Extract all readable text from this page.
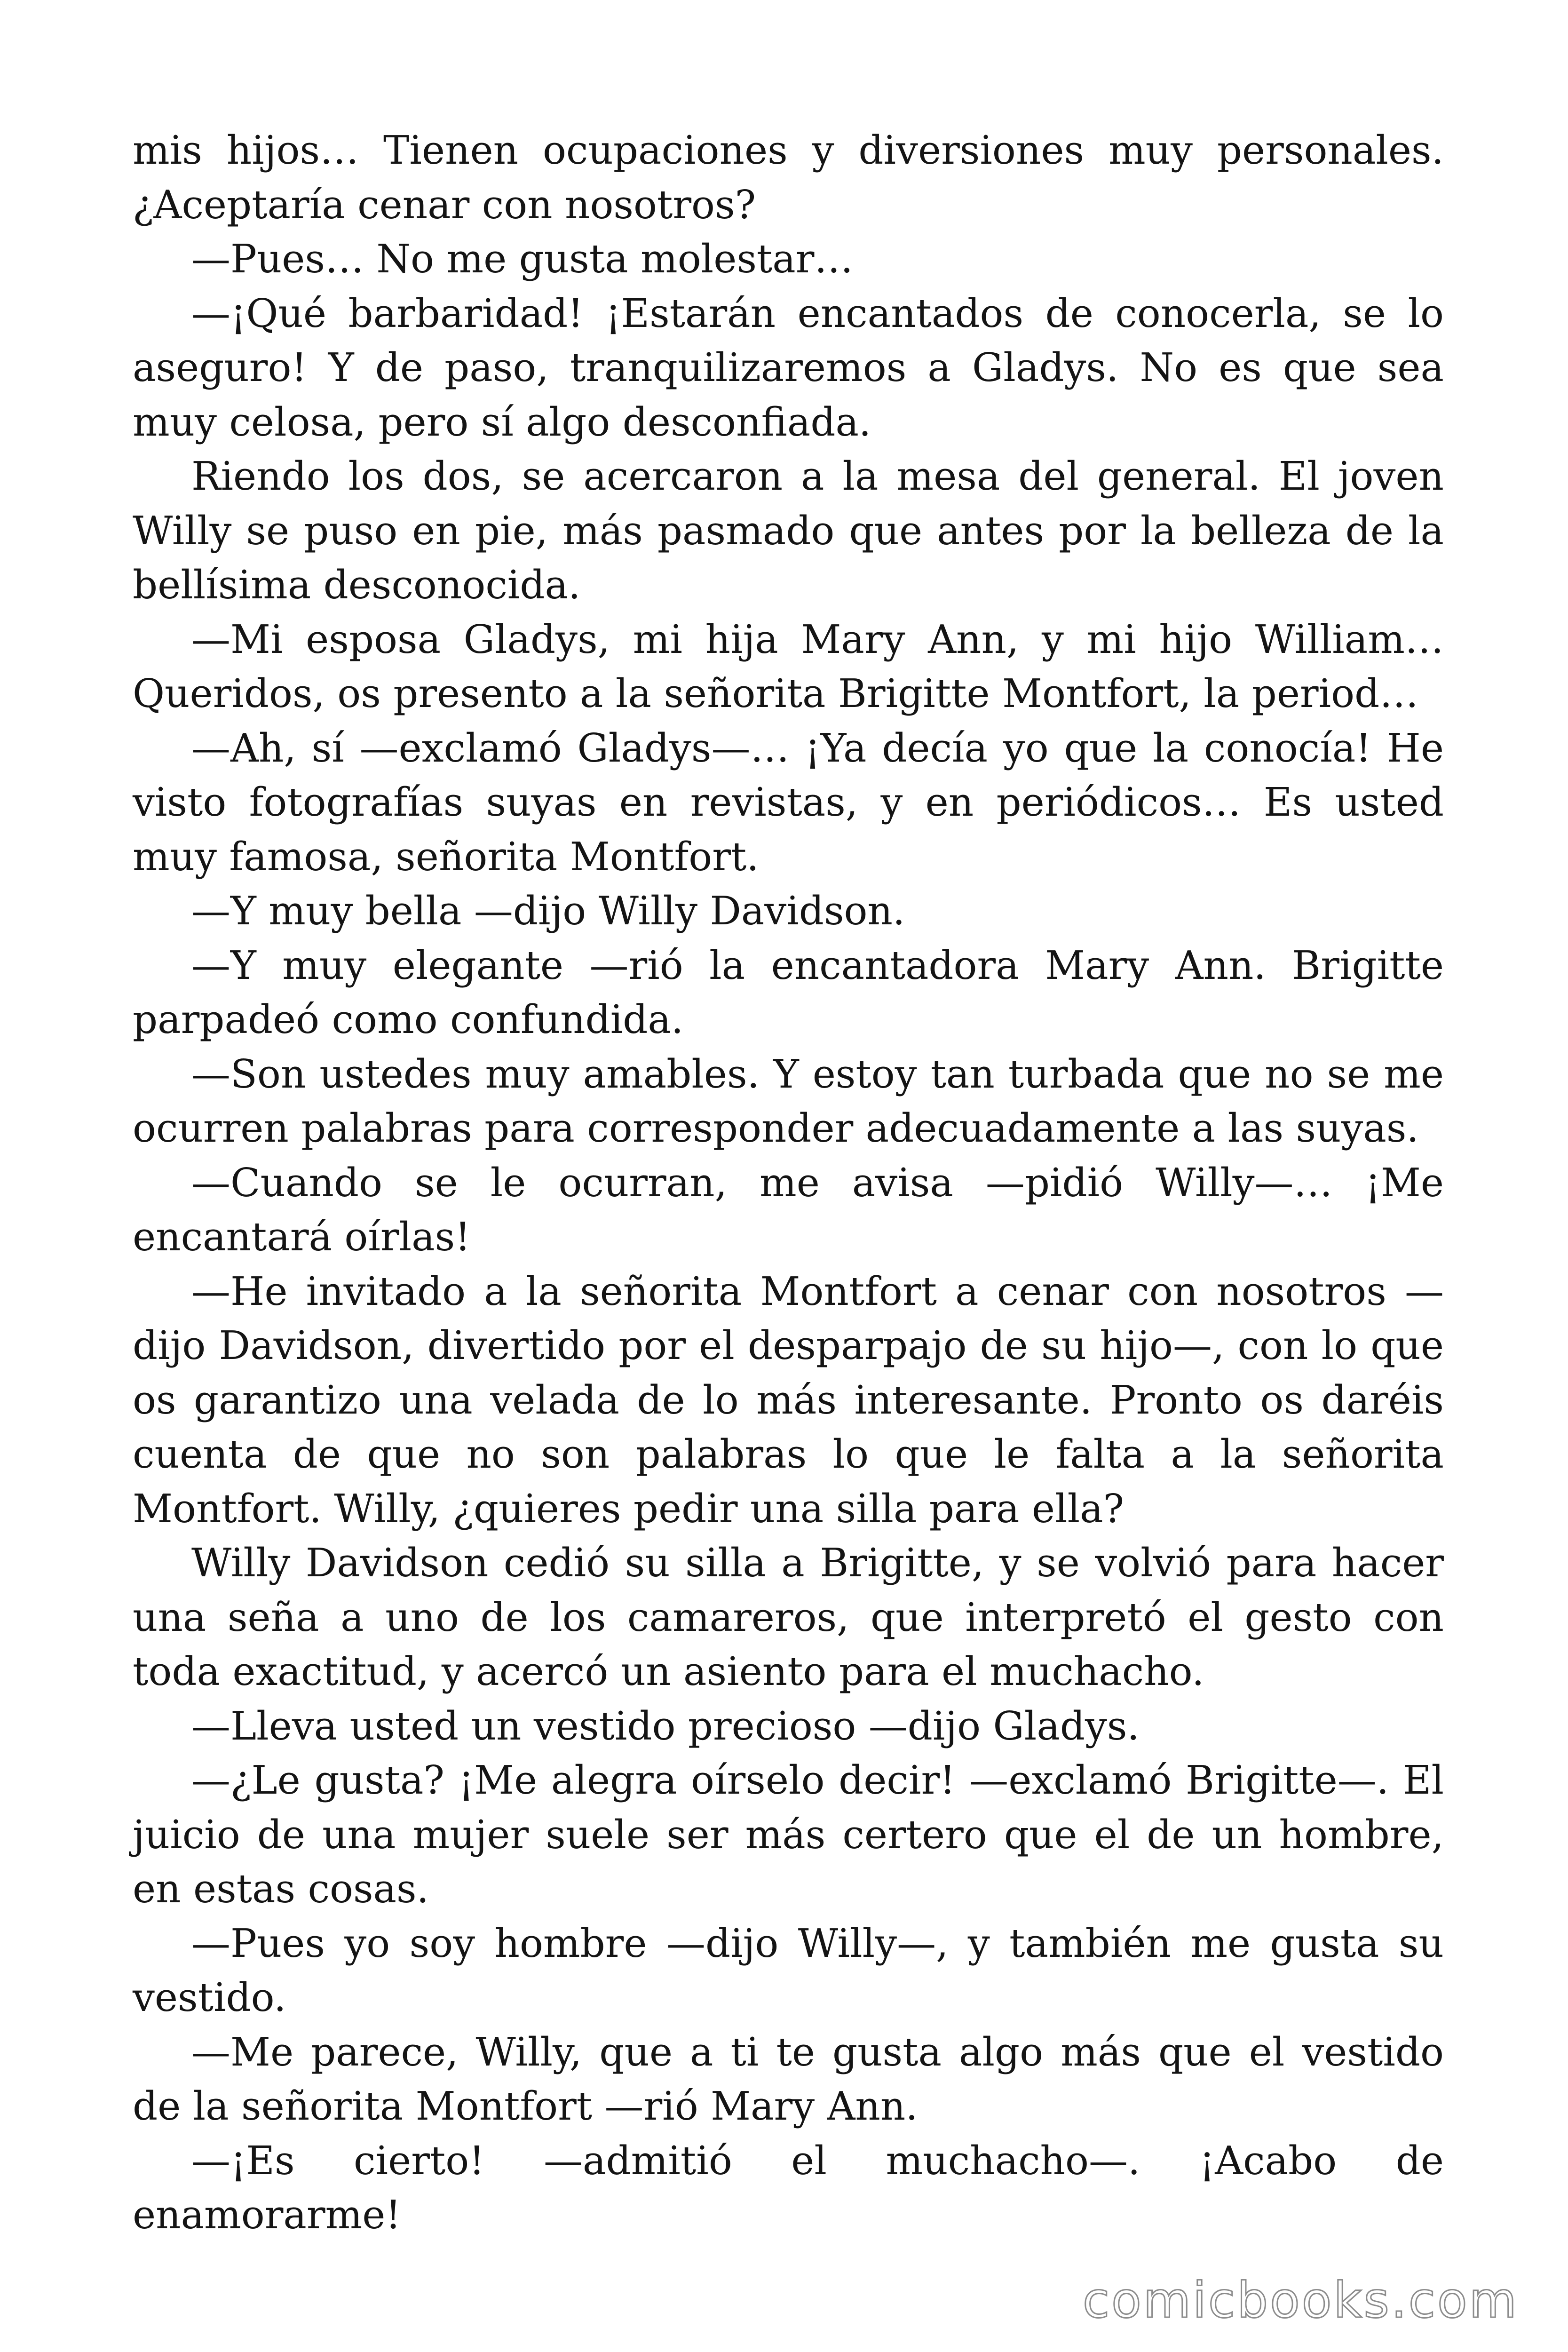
mis hijos… Tienen ocupaciones y diversiones muy personales. ¿Aceptaría cenar con nosotros?

—Pues… No me gusta molestar…

—¡Qué barbaridad! ¡Estarán encantados de conocerla, se lo aseguro! Y de paso, tranquilizaremos a Gladys. No es que sea muy celosa, pero sí algo desconfiada.

Riendo los dos, se acercaron a la mesa del general. El joven Willy se puso en pie, más pasmado que antes por la belleza de la bellísima desconocida.

—Mi esposa Gladys, mi hija Mary Ann, y mi hijo William… Queridos, os presento a la señorita Brigitte Montfort, la period…

—Ah, sí —exclamó Gladys—… ¡Ya decía yo que la conocía! He visto fotografías suyas en revistas, y en periódicos… Es usted muy famosa, señorita Montfort.

—Y muy bella —dijo Willy Davidson.

—Y muy elegante —rió la encantadora Mary Ann. Brigitte parpadeó como confundida.

—Son ustedes muy amables. Y estoy tan turbada que no se me ocurren palabras para corresponder adecuadamente a las suyas.

—Cuando se le ocurran, me avisa —pidió Willy—… ¡Me encantará oírlas!

—He invitado a la señorita Montfort a cenar con nosotros —dijo Davidson, divertido por el desparpajo de su hijo—, con lo que os garantizo una velada de lo más interesante. Pronto os daréis cuenta de que no son palabras lo que le falta a la señorita Montfort. Willy, ¿quieres pedir una silla para ella?

Willy Davidson cedió su silla a Brigitte, y se volvió para hacer una seña a uno de los camareros, que interpretó el gesto con toda exactitud, y acercó un asiento para el muchacho.

—Lleva usted un vestido precioso —dijo Gladys.

—¿Le gusta? ¡Me alegra oírselo decir! —exclamó Brigitte—. El juicio de una mujer suele ser más certero que el de un hombre, en estas cosas.

—Pues yo soy hombre —dijo Willy—, y también me gusta su vestido.

—Me parece, Willy, que a ti te gusta algo más que el vestido de la señorita Montfort —rió Mary Ann.

—¡Es cierto! —admitió el muchacho—. ¡Acabo de enamorarme!

comicbooks.com
